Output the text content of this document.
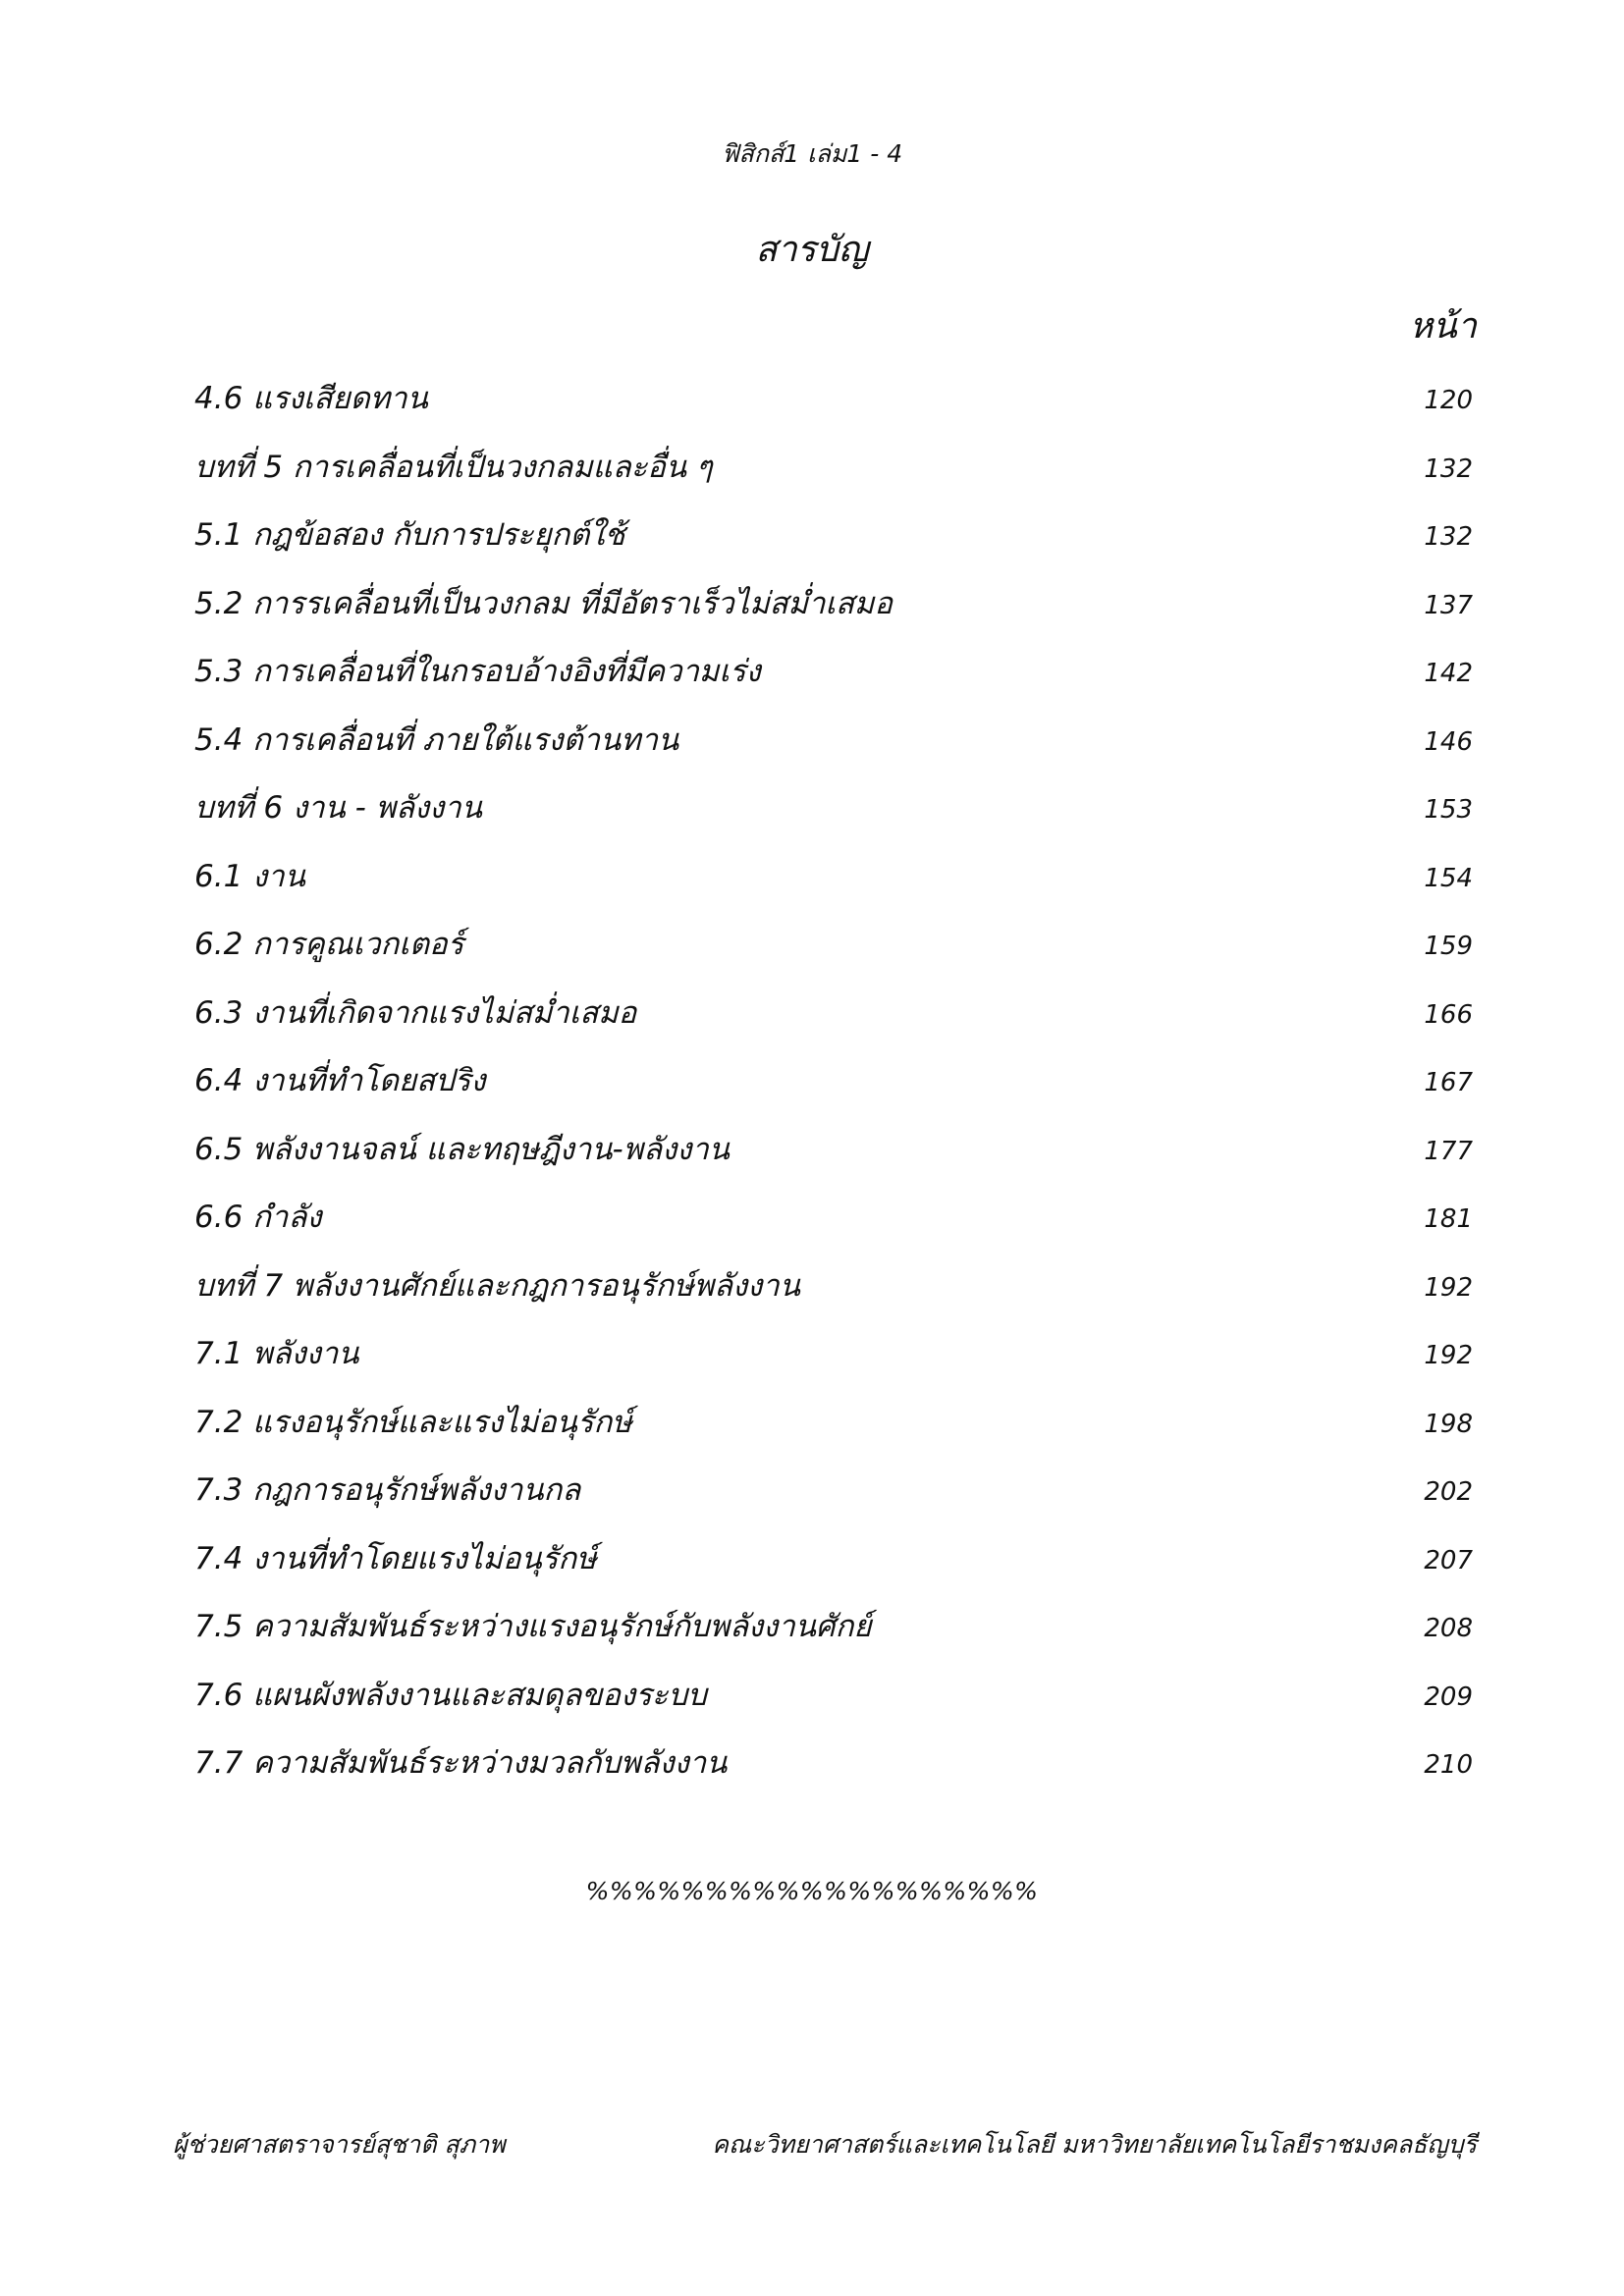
ฟิสิกส์1 เล่ม1 - 4
สารบัญ
หน้า
4.6 แรงเสียดทาน	120
บทที่ 5 การเคลื่อนที่เป็นวงกลมและอื่น ๆ	132
5.1 กฎข้อสอง กับการประยุกต์ใช้	132
5.2 การรเคลื่อนที่เป็นวงกลม ที่มีอัตราเร็วไม่สม่ำเสมอ	137
5.3 การเคลื่อนที่ในกรอบอ้างอิงที่มีความเร่ง	142
5.4 การเคลื่อนที่ ภายใต้แรงต้านทาน	146
บทที่ 6 งาน - พลังงาน	153
6.1 งาน	154
6.2 การคูณเวกเตอร์	159
6.3 งานที่เกิดจากแรงไม่สม่ำเสมอ	166
6.4 งานที่ทำโดยสปริง	167
6.5 พลังงานจลน์ และทฤษฎีงาน-พลังงาน	177
6.6 กำลัง	181
บทที่ 7 พลังงานศักย์และกฎการอนุรักษ์พลังงาน	192
7.1 พลังงาน	192
7.2 แรงอนุรักษ์และแรงไม่อนุรักษ์	198
7.3 กฎการอนุรักษ์พลังงานกล	202
7.4 งานที่ทำโดยแรงไม่อนุรักษ์	207
7.5 ความสัมพันธ์ระหว่างแรงอนุรักษ์กับพลังงานศักย์	208
7.6 แผนผังพลังงานและสมดุลของระบบ	209
7.7 ความสัมพันธ์ระหว่างมวลกับพลังงาน	210
%%%%%%%%%%%%%%%%%%%
ผู้ช่วยศาสตราจารย์สุชาติ สุภาพ	คณะวิทยาศาสตร์และเทคโนโลยี มหาวิทยาลัยเทคโนโลยีราชมงคลธัญบุรี
